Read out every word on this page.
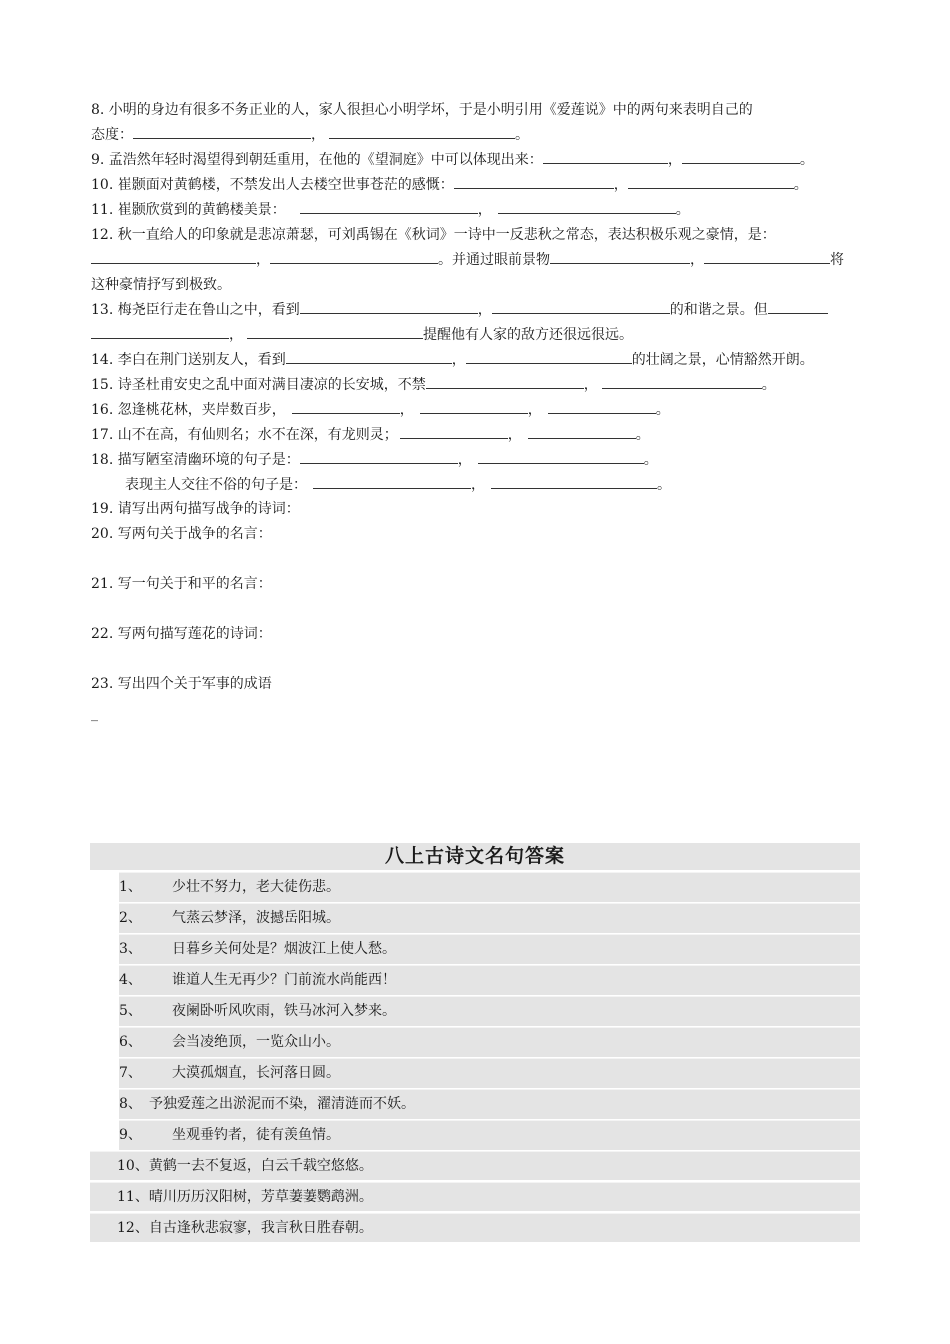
8. 小明的身边有很多不务正业的人，家人很担心小明学坏，于是小明引用《爱莲说》中的两句来表明自己的
态度：	，	。
9. 孟浩然年轻时渴望得到朝廷重用，在他的《望洞庭》中可以体现出来：	，	。
10. 崔颢面对黄鹤楼，不禁发出人去楼空世事苍茫的感慨：	，	。
11. 崔颢欣赏到的黄鹤楼美景：	，	。
12. 秋一直给人的印象就是悲凉萧瑟，可刘禹锡在《秋词》一诗中一反悲秋之常态，表达积极乐观之豪情，是：
，	。并通过眼前景物	，	将
这种豪情抒写到极致。
13. 梅尧臣行走在鲁山之中，看到	，	的和谐之景。但
，	提醒他有人家的敌方还很远很远。
14. 李白在荆门送别友人，看到	，	的壮阔之景，心情豁然开朗。
15. 诗圣杜甫安史之乱中面对满目凄凉的长安城，不禁	，	。
16. 忽逢桃花林，夹岸数百步，	，	，	。
17. 山不在高，有仙则名；水不在深，有龙则灵；	，	。
18. 描写陋室清幽环境的句子是：	，	。
表现主人交往不俗的句子是：	，	。
19. 请写出两句描写战争的诗词：
20. 写两句关于战争的名言：
21. 写一句关于和平的名言：
22. 写两句描写莲花的诗词：
23. 写出四个关于军事的成语
_
八上古诗文名句答案
1、 少壮不努力，老大徒伤悲。
2、 气蒸云梦泽，波撼岳阳城。
3、 日暮乡关何处是？烟波江上使人愁。
4、 谁道人生无再少？门前流水尚能西！
5、 夜阑卧听风吹雨，铁马冰河入梦来。
6、 会当凌绝顶，一览众山小。
7、 大漠孤烟直，长河落日圆。
8、 予独爱莲之出淤泥而不染，濯清涟而不妖。
9、 坐观垂钓者，徒有羡鱼情。
10、黄鹤一去不复返，白云千载空悠悠。
11、晴川历历汉阳树，芳草萋萋鹦鹉洲。
12、自古逢秋悲寂寥，我言秋日胜春朝。
